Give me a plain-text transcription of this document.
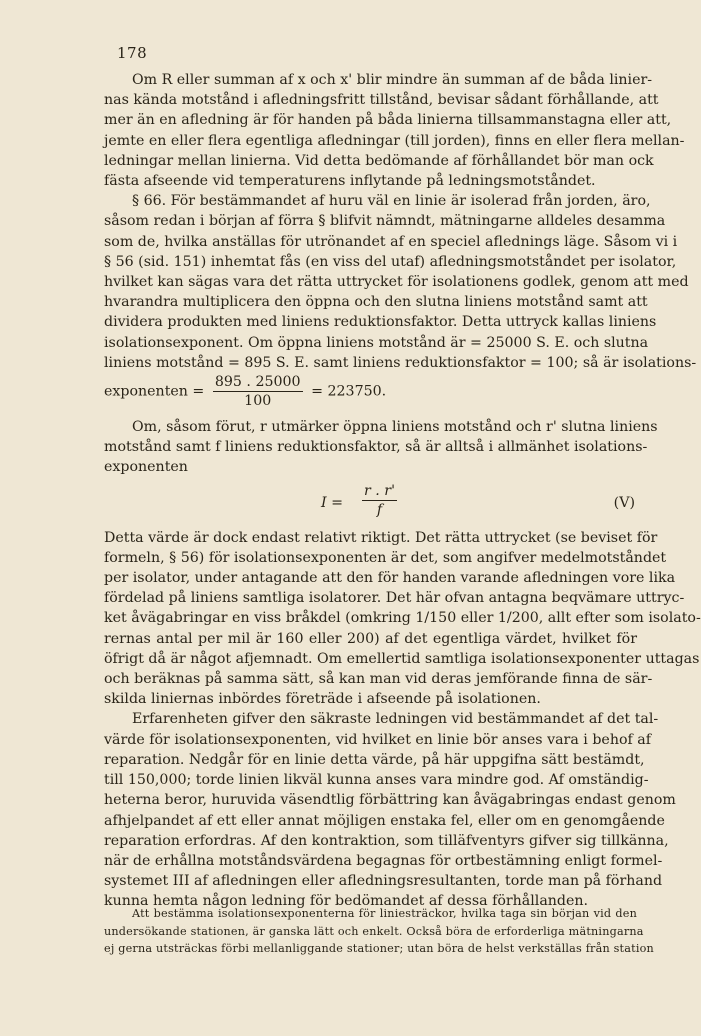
178
Om R eller summan af x och x' blir mindre än summan af de båda linier-
nas kända motstånd i afledningsfritt tillstånd, bevisar sådant förhållande, att
mer än en afledning är för handen på båda linierna tillsammanstagna eller att,
jemte en eller flera egentliga afledningar (till jorden), finns en eller flera mellan-
ledningar mellan linierna. Vid detta bedömande af förhållandet bör man ock
fästa afseende vid temperaturens inflytande på ledningsmotståndet.
§ 66. För bestämmandet af huru väl en linie är isolerad från jorden, äro,
såsom redan i början af förra § blifvit nämndt, mätningarne alldeles desamma
som de, hvilka anställas för utrönandet af en speciel aflednings läge. Såsom vi i
§ 56 (sid. 151) inhemtat fås (en viss del utaf) afledningsmotståndet per isolator,
hvilket kan sägas vara det rätta uttrycket för isolationens godlek, genom att med
hvarandra multiplicera den öppna och den slutna liniens motstånd samt att
dividera produkten med liniens reduktionsfaktor. Detta uttryck kallas liniens
isolationsexponent. Om öppna liniens motstånd är = 25000 S. E. och slutna
liniens motstånd = 895 S. E. samt liniens reduktionsfaktor = 100; så är isolations-
exponenten = $\frac{895 . 25000}{100} = 223750$.
Om, såsom förut, r utmärker öppna liniens motstånd och r' slutna liniens
motstånd samt f liniens reduktionsfaktor, så är alltså i allmänhet isolations-
exponenten
$I = \frac{r . r'}{f}$	(V)
Detta värde är dock endast relativt riktigt. Det rätta uttrycket (se beviset för
formeln, § 56) för isolationsexponenten är det, som angifver medelmotståndet
per isolator, under antagande att den för handen varande afledningen vore lika
fördelad på liniens samtliga isolatorer. Det här ofvan antagna beqvämare uttryc-
ket åvägabringar en viss bråkdel (omkring 1/150 eller 1/200, allt efter som isolato-
rernas antal per mil är 160 eller 200) af det egentliga värdet, hvilket för
öfrigt då är något afjemnadt. Om emellertid samtliga isolationsexponenter uttagas
och beräknas på samma sätt, så kan man vid deras jemförande finna de sär-
skilda liniernas inbördes företräde i afseende på isolationen.
Erfarenheten gifver den säkraste ledningen vid bestämmandet af det tal-
värde för isolationsexponenten, vid hvilket en linie bör anses vara i behof af
reparation. Nedgår för en linie detta värde, på här uppgifna sätt bestämdt,
till 150,000; torde linien likväl kunna anses vara mindre god. Af omständig-
heterna beror, huruvida väsendtlig förbättring kan åvägabringas endast genom
afhjelpandet af ett eller annat möjligen enstaka fel, eller om en genomgående
reparation erfordras. Af den kontraktion, som tilläfventyrs gifver sig tillkänna,
när de erhållna motståndsvärdena begagnas för ortbestämning enligt formel-
systemet III af afledningen eller afledningsresultanten, torde man på förhand
kunna hemta någon ledning för bedömandet af dessa förhållanden.
Att bestämma isolationsexponenterna för liniesträckor, hvilka taga sin början vid den
undersökande stationen, är ganska lätt och enkelt. Också böra de erforderliga mätningarna
ej gerna utsträckas förbi mellanliggande stationer; utan böra de helst verkställas från station
